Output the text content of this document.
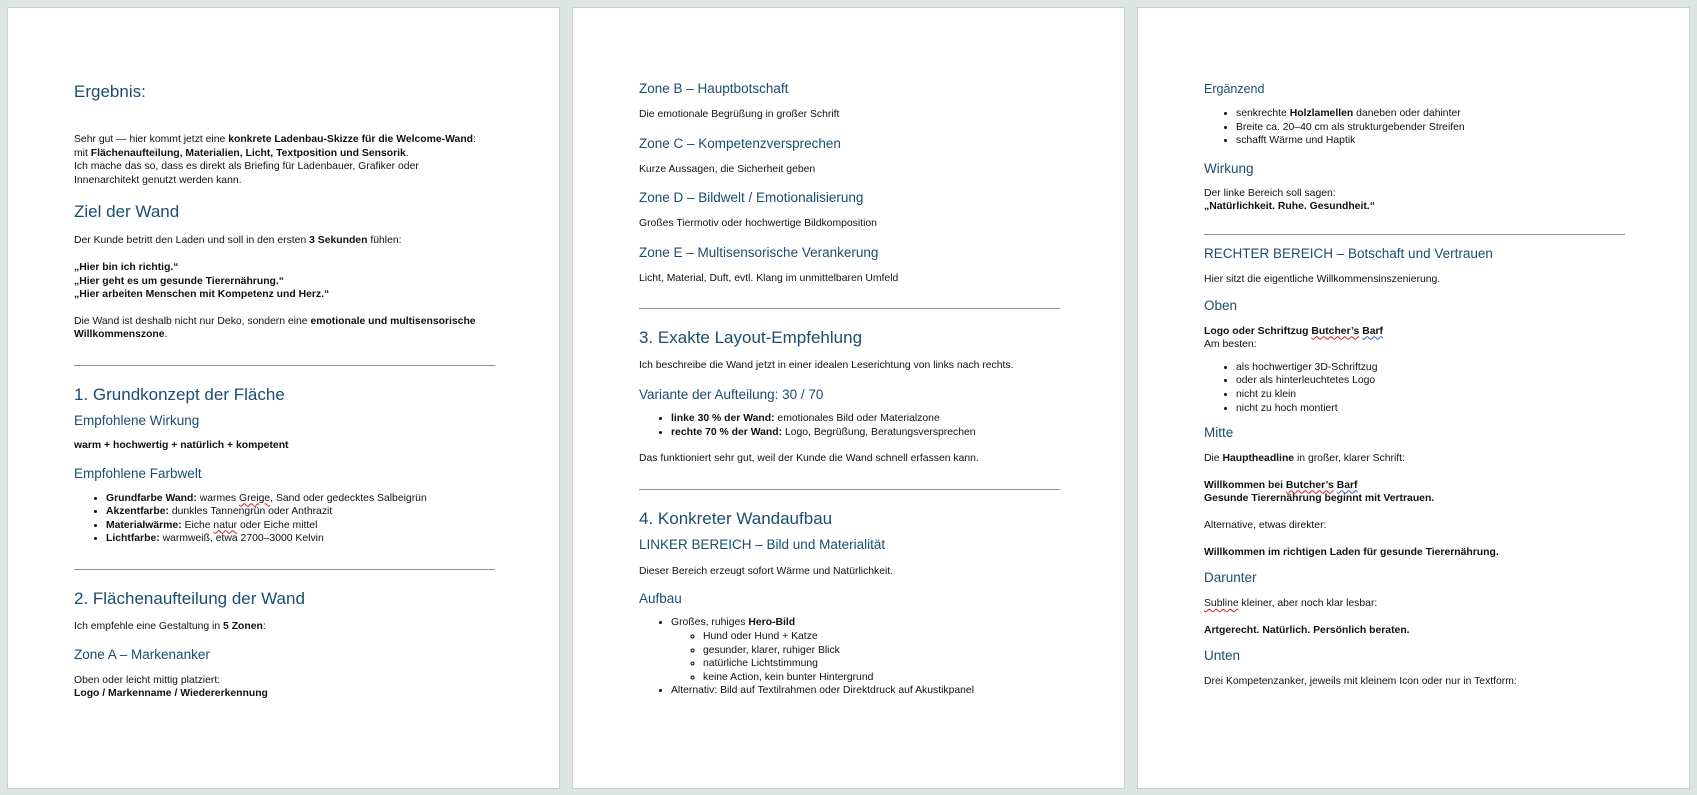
Ergebnis:

Sehr gut — hier kommt jetzt eine konkrete Ladenbau-Skizze für die Welcome-Wand:

mit Flächenaufteilung, Materialien, Licht, Textposition und Sensorik.

Ich mache das so, dass es direkt als Briefing für Ladenbauer, Grafiker oder

Innenarchitekt genutzt werden kann.

Ziel der Wand

Der Kunde betritt den Laden und soll in den ersten 3 Sekunden fühlen:

„Hier bin ich richtig.“

„Hier geht es um gesunde Tierernährung.“

„Hier arbeiten Menschen mit Kompetenz und Herz.“

Die Wand ist deshalb nicht nur Deko, sondern eine emotionale und multisensorische

Willkommenszone.

1. Grundkonzept der Fläche
Empfohlene Wirkung

warm + hochwertig + natürlich + kompetent

Empfohlene Farbwelt
• Grundfarbe Wand: warmes Greige, Sand oder gedecktes Salbeigrün
• Akzentfarbe: dunkles Tannengrün oder Anthrazit
• Materialwärme: Eiche natur oder Eiche mittel
• Lichtfarbe: warmweiß, etwa 2700–3000 Kelvin
2. Flächenaufteilung der Wand

Ich empfehle eine Gestaltung in 5 Zonen:

Zone A – Markenanker

Oben oder leicht mittig platziert:

Logo / Markenname / Wiedererkennung

Zone B – Hauptbotschaft

Die emotionale Begrüßung in großer Schrift

Zone C – Kompetenzversprechen

Kurze Aussagen, die Sicherheit geben

Zone D – Bildwelt / Emotionalisierung

Großes Tiermotiv oder hochwertige Bildkomposition

Zone E – Multisensorische Verankerung

Licht, Material, Duft, evtl. Klang im unmittelbaren Umfeld

3. Exakte Layout-Empfehlung

Ich beschreibe die Wand jetzt in einer idealen Leserichtung von links nach rechts.

Variante der Aufteilung: 30 / 70
• linke 30 % der Wand: emotionales Bild oder Materialzone
• rechte 70 % der Wand: Logo, Begrüßung, Beratungsversprechen

Das funktioniert sehr gut, weil der Kunde die Wand schnell erfassen kann.

4. Konkreter Wandaufbau
LINKER BEREICH – Bild und Materialität

Dieser Bereich erzeugt sofort Wärme und Natürlichkeit.

Aufbau
• Großes, ruhiges Hero-Bild
◦ Hund oder Hund + Katze
◦ gesunder, klarer, ruhiger Blick
◦ natürliche Lichtstimmung
◦ keine Action, kein bunter Hintergrund
• Alternativ: Bild auf Textilrahmen oder Direktdruck auf Akustikpanel
Ergänzend
• senkrechte Holzlamellen daneben oder dahinter
• Breite ca. 20–40 cm als strukturgebender Streifen
• schafft Wärme und Haptik
Wirkung

Der linke Bereich soll sagen:

„Natürlichkeit. Ruhe. Gesundheit.“

RECHTER BEREICH – Botschaft und Vertrauen

Hier sitzt die eigentliche Willkommensinszenierung.

Oben

Logo oder Schriftzug Butcher’s Barf

Am besten:

• als hochwertiger 3D-Schriftzug
• oder als hinterleuchtetes Logo
• nicht zu klein
• nicht zu hoch montiert
Mitte

Die Hauptheadline in großer, klarer Schrift:

Willkommen bei Butcher’s Barf

Gesunde Tierernährung beginnt mit Vertrauen.

Alternative, etwas direkter:

Willkommen im richtigen Laden für gesunde Tierernährung.

Darunter

Subline kleiner, aber noch klar lesbar:

Artgerecht. Natürlich. Persönlich beraten.

Unten

Drei Kompetenzanker, jeweils mit kleinem Icon oder nur in Textform:
